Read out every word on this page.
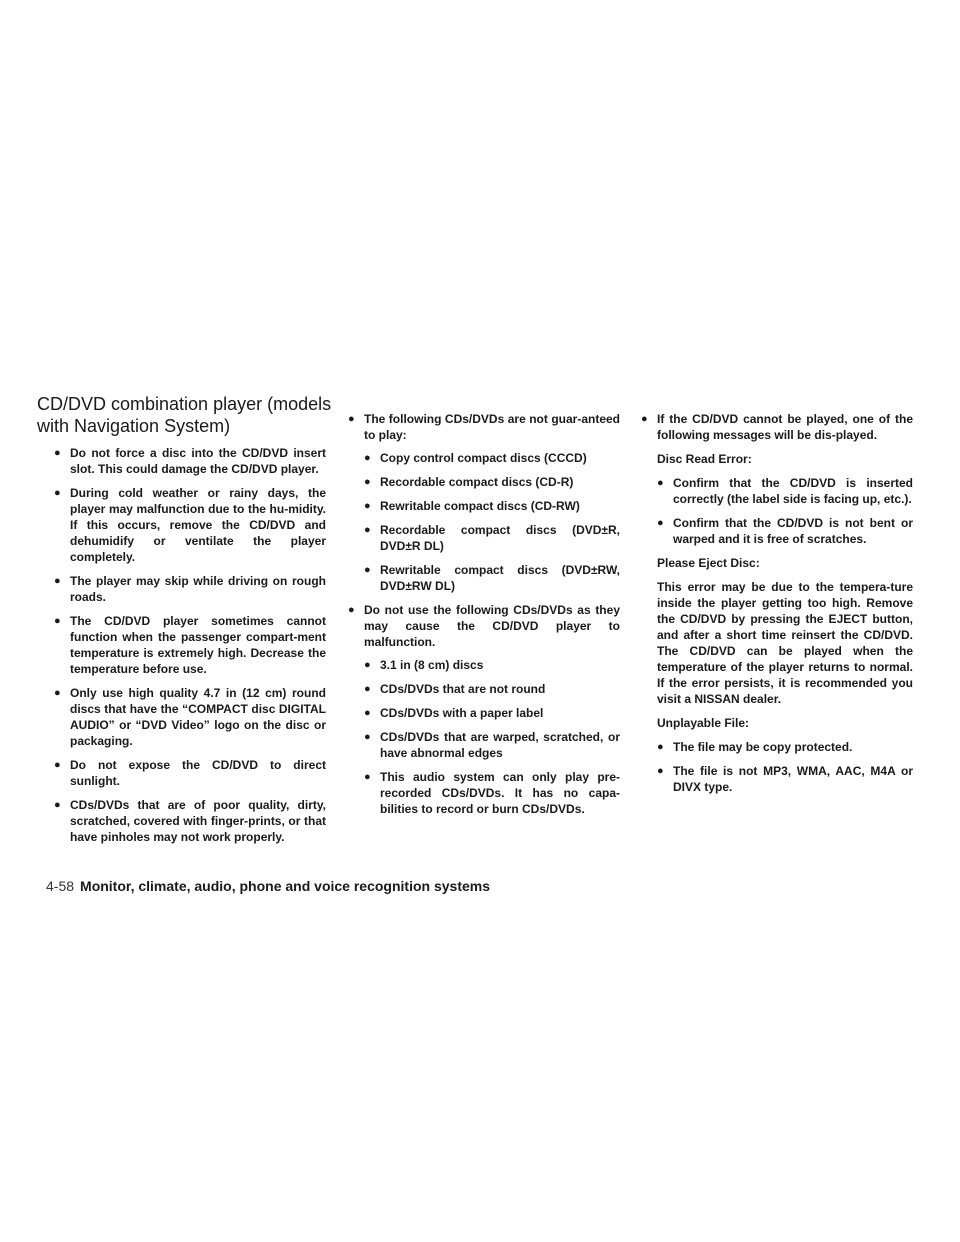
CD/DVD combination player (models with Navigation System)
● Do not force a disc into the CD/DVD insert slot. This could damage the CD/DVD player.
● During cold weather or rainy days, the player may malfunction due to the hu-midity. If this occurs, remove the CD/DVD and dehumidify or ventilate the player completely.
● The player may skip while driving on rough roads.
● The CD/DVD player sometimes cannot function when the passenger compart-ment temperature is extremely high. Decrease the temperature before use.
● Only use high quality 4.7 in (12 cm) round discs that have the “COMPACT disc DIGITAL AUDIO” or “DVD Video” logo on the disc or packaging.
● Do not expose the CD/DVD to direct sunlight.
● CDs/DVDs that are of poor quality, dirty, scratched, covered with finger-prints, or that have pinholes may not work properly.
● The following CDs/DVDs are not guar-anteed to play:
● Copy control compact discs (CCCD)
● Recordable compact discs (CD-R)
● Rewritable compact discs (CD-RW)
● Recordable compact discs (DVD±R, DVD±R DL)
● Rewritable compact discs (DVD±RW, DVD±RW DL)
● Do not use the following CDs/DVDs as they may cause the CD/DVD player to malfunction.
● 3.1 in (8 cm) discs
● CDs/DVDs that are not round
● CDs/DVDs with a paper label
● CDs/DVDs that are warped, scratched, or have abnormal edges
● This audio system can only play pre-recorded CDs/DVDs. It has no capa-bilities to record or burn CDs/DVDs.
● If the CD/DVD cannot be played, one of the following messages will be dis-played.
Disc Read Error:
● Confirm that the CD/DVD is inserted correctly (the label side is facing up, etc.).
● Confirm that the CD/DVD is not bent or warped and it is free of scratches.
Please Eject Disc:
This error may be due to the tempera-ture inside the player getting too high. Remove the CD/DVD by pressing the EJECT button, and after a short time reinsert the CD/DVD. The CD/DVD can be played when the temperature of the player returns to normal. If the error persists, it is recommended you visit a NISSAN dealer.
Unplayable File:
● The file may be copy protected.
● The file is not MP3, WMA, AAC, M4A or DIVX type.
4-58 Monitor, climate, audio, phone and voice recognition systems
